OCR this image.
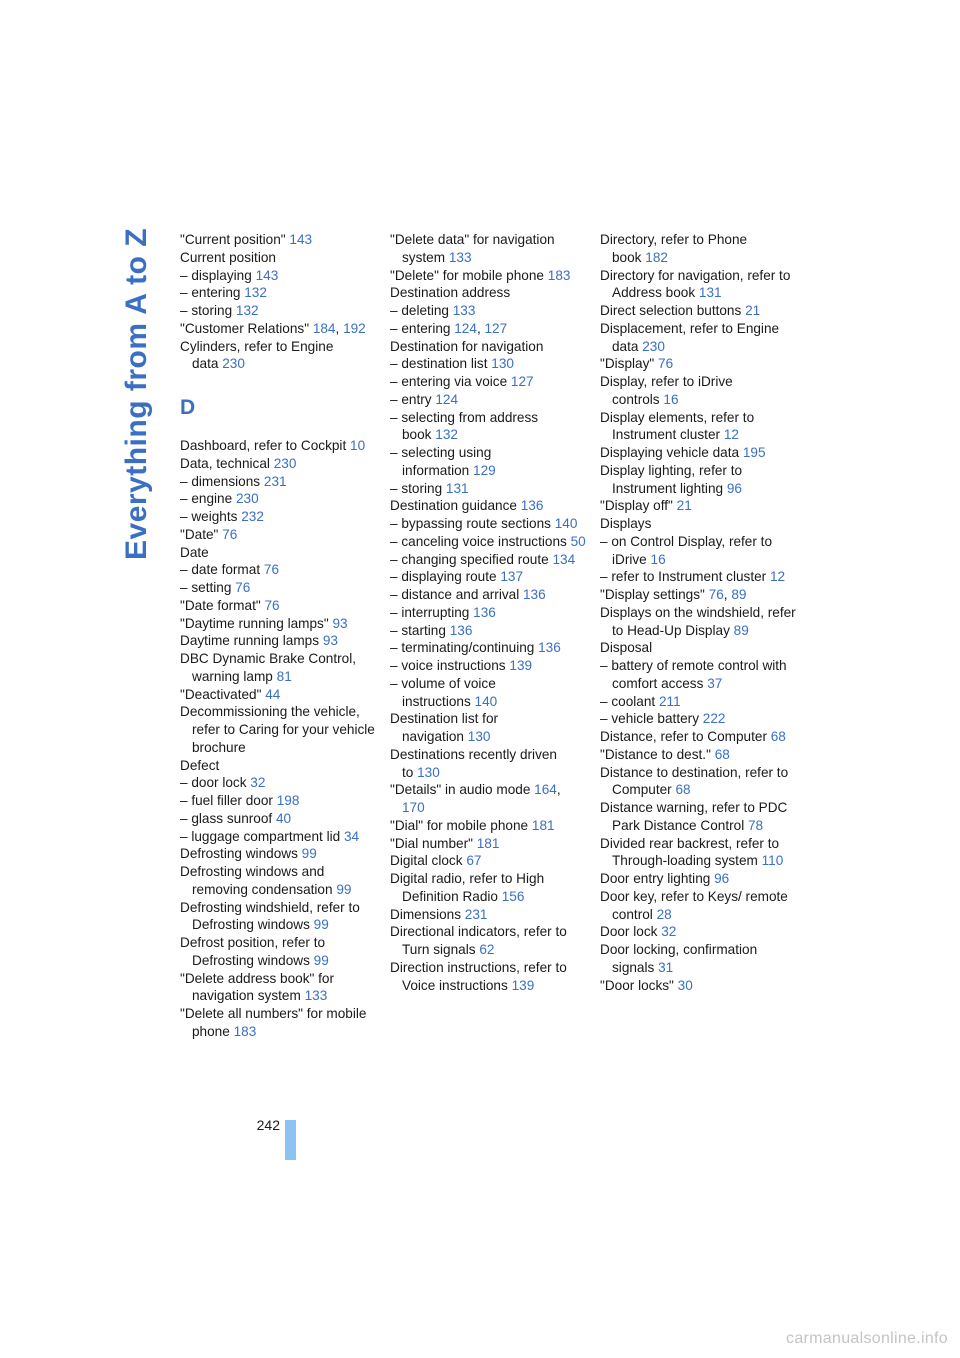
Everything from A to Z "Current position" 143

Current position

– displaying 143

– entering 132

– storing 132

"Customer Relations" 184, 192

Cylinders, refer to Engine data 230

D

Dashboard, refer to Cockpit 10

Data, technical 230

– dimensions 231

– engine 230

– weights 232

"Date" 76

Date

– date format 76

– setting 76

"Date format" 76

"Daytime running lamps" 93

Daytime running lamps 93

DBC Dynamic Brake Control, warning lamp 81

"Deactivated" 44

Decommissioning the vehicle, refer to Caring for your vehicle brochure

Defect

– door lock 32

– fuel filler door 198

– glass sunroof 40

– luggage compartment lid 34

Defrosting windows 99

Defrosting windows and removing condensation 99

Defrosting windshield, refer to Defrosting windows 99

Defrost position, refer to Defrosting windows 99

"Delete address book" for navigation system 133

"Delete all numbers" for mobile phone 183

"Delete data" for navigation system 133

"Delete" for mobile phone 183

Destination address

– deleting 133

– entering 124, 127

Destination for navigation

– destination list 130

– entering via voice 127

– entry 124

– selecting from address book 132

– selecting using information 129

– storing 131

Destination guidance 136

– bypassing route sections 140

– canceling voice instructions 50

– changing specified route 134

– displaying route 137

– distance and arrival 136

– interrupting 136

– starting 136

– terminating/continuing 136

– voice instructions 139

– volume of voice instructions 140

Destination list for navigation 130

Destinations recently driven to 130

"Details" in audio mode 164, 170

"Dial" for mobile phone 181

"Dial number" 181

Digital clock 67

Digital radio, refer to High Definition Radio 156

Dimensions 231

Directional indicators, refer to Turn signals 62

Direction instructions, refer to Voice instructions 139

Directory, refer to Phone book 182

Directory for navigation, refer to Address book 131

Direct selection buttons 21

Displacement, refer to Engine data 230

"Display" 76

Display, refer to iDrive controls 16

Display elements, refer to Instrument cluster 12

Displaying vehicle data 195

Display lighting, refer to Instrument lighting 96

"Display off" 21

Displays

– on Control Display, refer to iDrive 16

– refer to Instrument cluster 12

"Display settings" 76, 89

Displays on the windshield, refer to Head-Up Display 89

Disposal

– battery of remote control with comfort access 37

– coolant 211

– vehicle battery 222

Distance, refer to Computer 68

"Distance to dest." 68

Distance to destination, refer to Computer 68

Distance warning, refer to PDC Park Distance Control 78

Divided rear backrest, refer to Through-loading system 110

Door entry lighting 96

Door key, refer to Keys/ remote control 28

Door lock 32

Door locking, confirmation signals 31

"Door locks" 30

242
carmanualsonline.info
